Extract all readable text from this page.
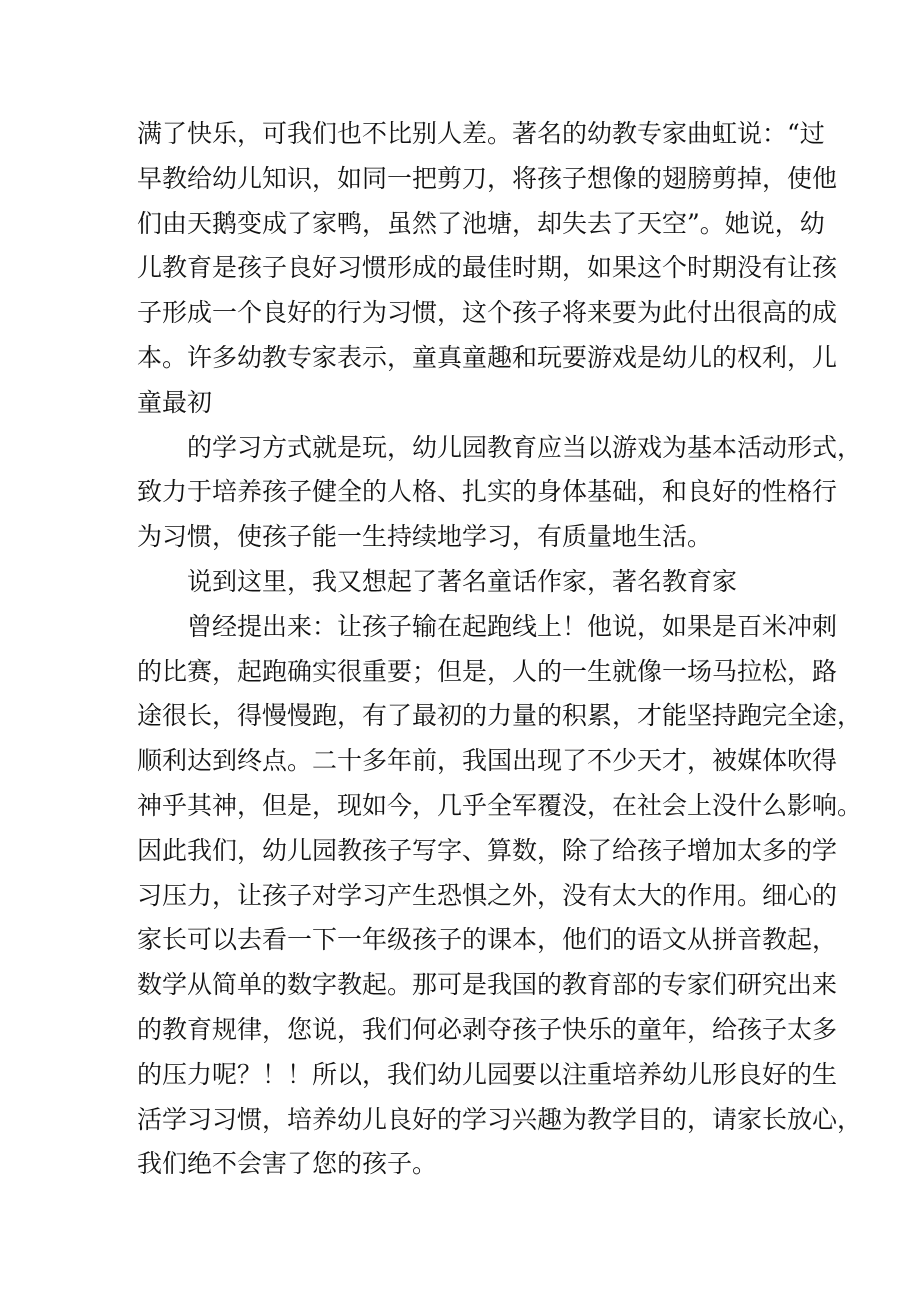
满了快乐，可我们也不比别人差。著名的幼教专家曲虹说：“过
早教给幼儿知识，如同一把剪刀，将孩子想像的翅膀剪掉，使他
们由天鹅变成了家鸭，虽然了池塘，却失去了天空”。她说，幼
儿教育是孩子良好习惯形成的最佳时期，如果这个时期没有让孩
子形成一个良好的行为习惯，这个孩子将来要为此付出很高的成
本。许多幼教专家表示，童真童趣和玩要游戏是幼儿的权利，儿
童最初
的学习方式就是玩，幼儿园教育应当以游戏为基本活动形式，
致力于培养孩子健全的人格、扎实的身体基础，和良好的性格行
为习惯，使孩子能一生持续地学习，有质量地生活。
说到这里，我又想起了著名童话作家，著名教育家
曾经提出来：让孩子输在起跑线上！他说，如果是百米冲刺
的比赛，起跑确实很重要；但是，人的一生就像一场马拉松，路
途很长，得慢慢跑，有了最初的力量的积累，才能坚持跑完全途，
顺利达到终点。二十多年前，我国出现了不少天才，被媒体吹得
神乎其神，但是，现如今，几乎全军覆没，在社会上没什么影响。
因此我们，幼儿园教孩子写字、算数，除了给孩子增加太多的学
习压力，让孩子对学习产生恐惧之外，没有太大的作用。细心的
家长可以去看一下一年级孩子的课本，他们的语文从拼音教起，
数学从简单的数字教起。那可是我国的教育部的专家们研究出来
的教育规律，您说，我们何必剥夺孩子快乐的童年，给孩子太多
的压力呢？！！所以，我们幼儿园要以注重培养幼儿形良好的生
活学习习惯，培养幼儿良好的学习兴趣为教学目的，请家长放心，
我们绝不会害了您的孩子。
